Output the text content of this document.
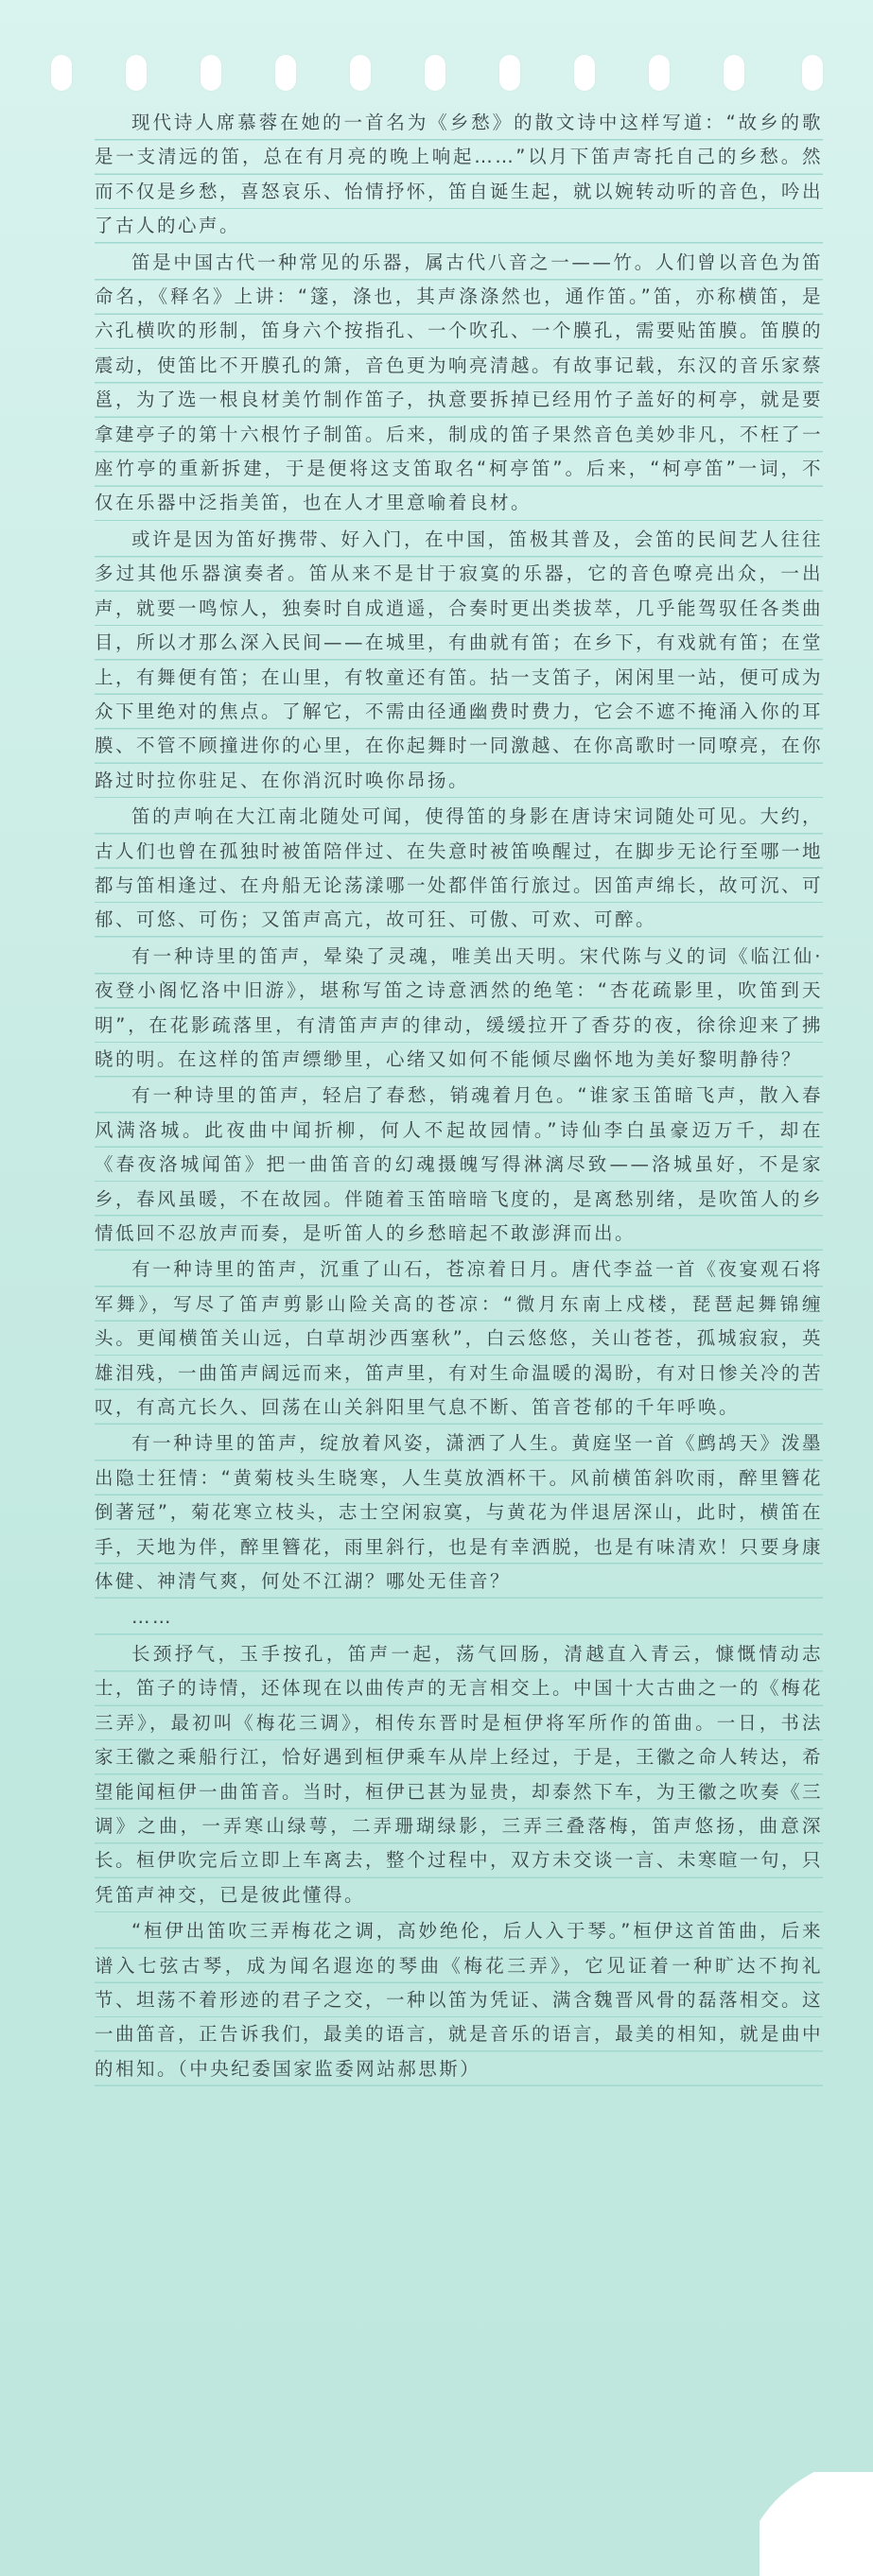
现代诗人席慕蓉在她的一首名为《乡愁》的散文诗中这样写道：“故乡的歌是一支清远的笛，总在有月亮的晚上响起……”以月下笛声寄托自己的乡愁。然而不仅是乡愁，喜怒哀乐、怡情抒怀，笛自诞生起，就以婉转动听的音色，吟出了古人的心声。

笛是中国古代一种常见的乐器，属古代八音之一——竹。人们曾以音色为笛命名，《释名》上讲：“篴，涤也，其声涤涤然也，通作笛。”笛，亦称横笛，是六孔横吹的形制，笛身六个按指孔、一个吹孔、一个膜孔，需要贴笛膜。笛膜的震动，使笛比不开膜孔的箫，音色更为响亮清越。有故事记载，东汉的音乐家蔡邕，为了选一根良材美竹制作笛子，执意要拆掉已经用竹子盖好的柯亭，就是要拿建亭子的第十六根竹子制笛。后来，制成的笛子果然音色美妙非凡，不枉了一座竹亭的重新拆建，于是便将这支笛取名“柯亭笛”。后来，“柯亭笛”一词，不仅在乐器中泛指美笛，也在人才里意喻着良材。

或许是因为笛好携带、好入门，在中国，笛极其普及，会笛的民间艺人往往多过其他乐器演奏者。笛从来不是甘于寂寞的乐器，它的音色嘹亮出众，一出声，就要一鸣惊人，独奏时自成逍遥，合奏时更出类拔萃，几乎能驾驭任各类曲目，所以才那么深入民间——在城里，有曲就有笛；在乡下，有戏就有笛；在堂上，有舞便有笛；在山里，有牧童还有笛。拈一支笛子，闲闲里一站，便可成为众下里绝对的焦点。了解它，不需由径通幽费时费力，它会不遮不掩涌入你的耳膜、不管不顾撞进你的心里，在你起舞时一同激越、在你高歌时一同嘹亮，在你路过时拉你驻足、在你消沉时唤你昂扬。

笛的声响在大江南北随处可闻，使得笛的身影在唐诗宋词随处可见。大约，古人们也曾在孤独时被笛陪伴过、在失意时被笛唤醒过，在脚步无论行至哪一地都与笛相逢过、在舟船无论荡漾哪一处都伴笛行旅过。因笛声绵长，故可沉、可郁、可悠、可伤；又笛声高亢，故可狂、可傲、可欢、可醉。

有一种诗里的笛声，晕染了灵魂，唯美出天明。宋代陈与义的词《临江仙·夜登小阁忆洛中旧游》，堪称写笛之诗意洒然的绝笔：“杏花疏影里，吹笛到天明”，在花影疏落里，有清笛声声的律动，缓缓拉开了香芬的夜，徐徐迎来了拂晓的明。在这样的笛声缥缈里，心绪又如何不能倾尽幽怀地为美好黎明静待？

有一种诗里的笛声，轻启了春愁，销魂着月色。“谁家玉笛暗飞声，散入春风满洛城。此夜曲中闻折柳，何人不起故园情。”诗仙李白虽豪迈万千，却在《春夜洛城闻笛》把一曲笛音的幻魂摄魄写得淋漓尽致——洛城虽好，不是家乡，春风虽暖，不在故园。伴随着玉笛暗暗飞度的，是离愁别绪，是吹笛人的乡情低回不忍放声而奏，是听笛人的乡愁暗起不敢澎湃而出。

有一种诗里的笛声，沉重了山石，苍凉着日月。唐代李益一首《夜宴观石将军舞》，写尽了笛声剪影山险关高的苍凉：“微月东南上戍楼，琵琶起舞锦缠头。更闻横笛关山远，白草胡沙西塞秋”，白云悠悠，关山苍苍，孤城寂寂，英雄泪残，一曲笛声阔远而来，笛声里，有对生命温暖的渴盼，有对日惨关冷的苦叹，有高亢长久、回荡在山关斜阳里气息不断、笛音苍郁的千年呼唤。

有一种诗里的笛声，绽放着风姿，潇洒了人生。黄庭坚一首《鹧鸪天》泼墨出隐士狂情：“黄菊枝头生晓寒，人生莫放酒杯干。风前横笛斜吹雨，醉里簪花倒著冠”，菊花寒立枝头，志士空闲寂寞，与黄花为伴退居深山，此时，横笛在手，天地为伴，醉里簪花，雨里斜行，也是有幸洒脱，也是有味清欢！只要身康体健、神清气爽，何处不江湖？哪处无佳音？

……

长颈抒气，玉手按孔，笛声一起，荡气回肠，清越直入青云，慷慨情动志士，笛子的诗情，还体现在以曲传声的无言相交上。中国十大古曲之一的《梅花三弄》，最初叫《梅花三调》，相传东晋时是桓伊将军所作的笛曲。一日，书法家王徽之乘船行江，恰好遇到桓伊乘车从岸上经过，于是，王徽之命人转达，希望能闻桓伊一曲笛音。当时，桓伊已甚为显贵，却泰然下车，为王徽之吹奏《三调》之曲，一弄寒山绿萼，二弄珊瑚绿影，三弄三叠落梅，笛声悠扬，曲意深长。桓伊吹完后立即上车离去，整个过程中，双方未交谈一言、未寒暄一句，只凭笛声神交，已是彼此懂得。

“桓伊出笛吹三弄梅花之调，高妙绝伦，后人入于琴。”桓伊这首笛曲，后来谱入七弦古琴，成为闻名遐迩的琴曲《梅花三弄》，它见证着一种旷达不拘礼节、坦荡不着形迹的君子之交，一种以笛为凭证、满含魏晋风骨的磊落相交。这一曲笛音，正告诉我们，最美的语言，就是音乐的语言，最美的相知，就是曲中的相知。（中央纪委国家监委网站郝思斯）
